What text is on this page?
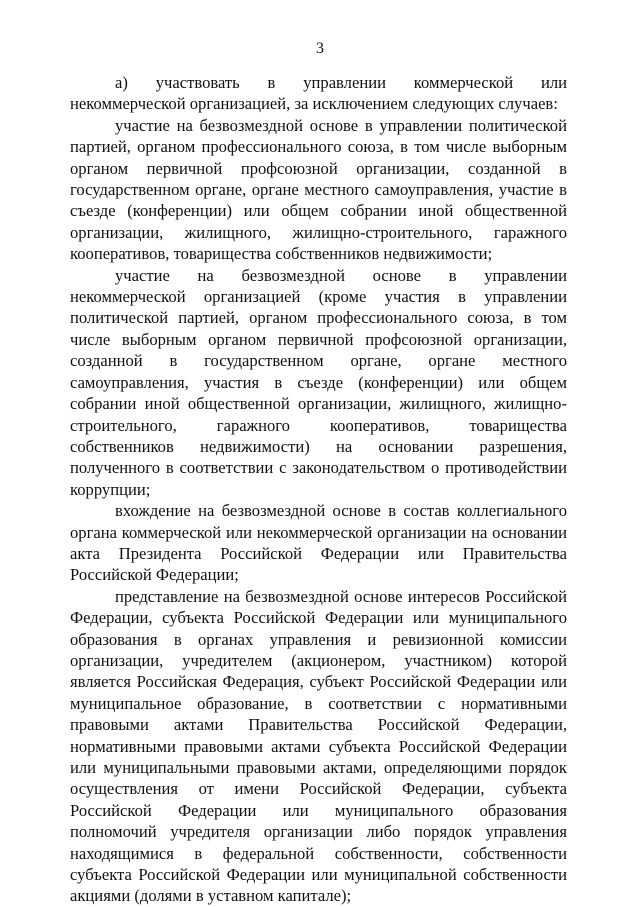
3

а) участвовать в управлении коммерческой или некоммерческой организацией, за исключением следующих случаев:

участие на безвозмездной основе в управлении политической партией, органом профессионального союза, в том числе выборным органом первичной профсоюзной организации, созданной в государственном органе, органе местного самоуправления, участие в съезде (конференции) или общем собрании иной общественной организации, жилищного, жилищно-строительного, гаражного кооперативов, товарищества собственников недвижимости;

участие на безвозмездной основе в управлении некоммерческой организацией (кроме участия в управлении политической партией, органом профессионального союза, в том числе выборным органом первичной профсоюзной организации, созданной в государственном органе, органе местного самоуправления, участия в съезде (конференции) или общем собрании иной общественной организации, жилищного, жилищно-строительного, гаражного кооперативов, товарищества собственников недвижимости) на основании разрешения, полученного в соответствии с законодательством о противодействии коррупции;

вхождение на безвозмездной основе в состав коллегиального органа коммерческой или некоммерческой организации на основании акта Президента Российской Федерации или Правительства Российской Федерации;

представление на безвозмездной основе интересов Российской Федерации, субъекта Российской Федерации или муниципального образования в органах управления и ревизионной комиссии организации, учредителем (акционером, участником) которой является Российская Федерация, субъект Российской Федерации или муниципальное образование, в соответствии с нормативными правовыми актами Правительства Российской Федерации, нормативными правовыми актами субъекта Российской Федерации или муниципальными правовыми актами, определяющими порядок осуществления от имени Российской Федерации, субъекта Российской Федерации или муниципального образования полномочий учредителя организации либо порядок управления находящимися в федеральной собственности, собственности субъекта Российской Федерации или муниципальной собственности акциями (долями в уставном капитале);
